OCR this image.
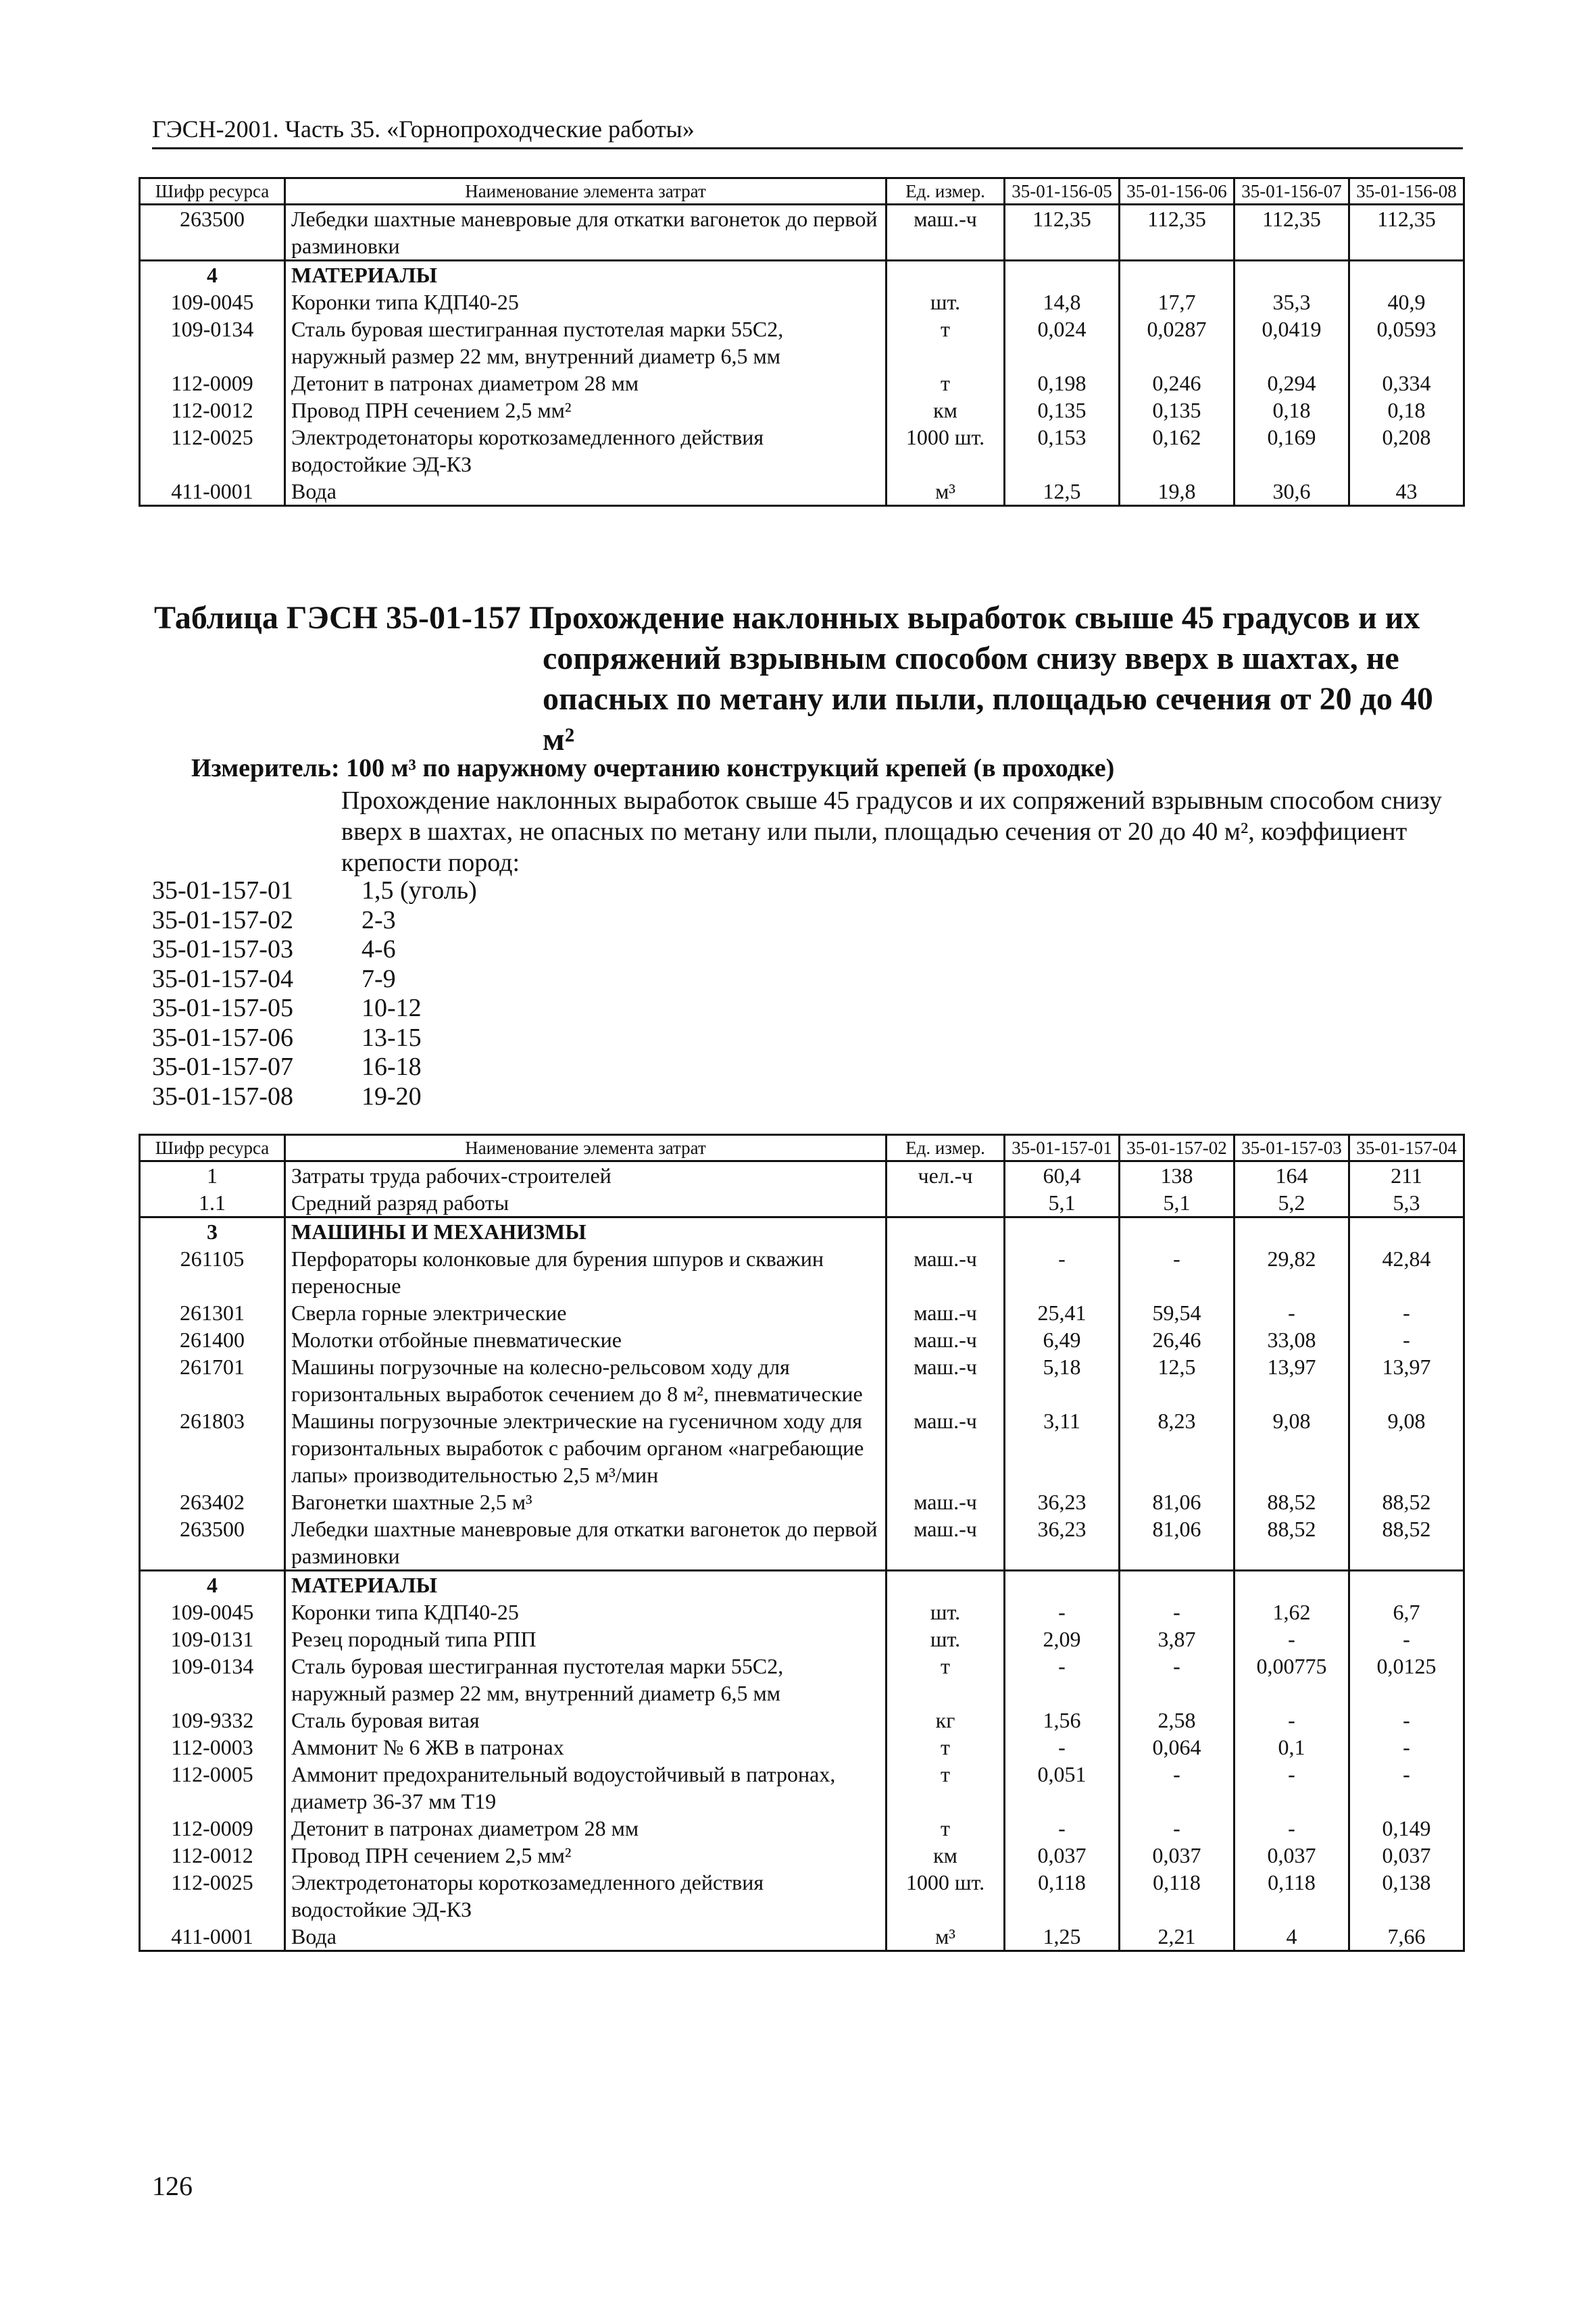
ГЭСН-2001. Часть 35. «Горнопроходческие работы»
Шифр ресурса	Наименование элемента затрат	Ед. измер.	35-01-156-05	35-01-156-06	35-01-156-07	35-01-156-08
263500	Лебедки шахтные маневровые для откатки вагонеток до первой разминовки	маш.-ч	112,35	112,35	112,35	112,35
4	МАТЕРИАЛЫ					
109-0045	Коронки типа КДП40-25	шт.	14,8	17,7	35,3	40,9
109-0134	Сталь буровая шестигранная пустотелая марки 55С2, наружный размер 22 мм, внутренний диаметр 6,5 мм	т	0,024	0,0287	0,0419	0,0593
112-0009	Детонит в патронах диаметром 28 мм	т	0,198	0,246	0,294	0,334
112-0012	Провод ПРН сечением 2,5 мм²	км	0,135	0,135	0,18	0,18
112-0025	Электродетонаторы короткозамедленного действия водостойкие ЭД-КЗ	1000 шт.	0,153	0,162	0,169	0,208
411-0001	Вода	м³	12,5	19,8	30,6	43
Таблица ГЭСН 35-01-157 Прохождение наклонных выработок свыше 45 градусов и их
сопряжений взрывным способом снизу вверх в шахтах, не
опасных по метану или пыли, площадью сечения от 20 до 40
м²
Измеритель: 100 м³ по наружному очертанию конструкций крепей (в проходке)
Прохождение наклонных выработок свыше 45 градусов и их сопряжений взрывным способом снизу вверх в шахтах, не опасных по метану или пыли, площадью сечения от 20 до 40 м², коэффициент крепости пород:
35-01-157-01	1,5 (уголь)
35-01-157-02	2-3
35-01-157-03	4-6
35-01-157-04	7-9
35-01-157-05	10-12
35-01-157-06	13-15
35-01-157-07	16-18
35-01-157-08	19-20
Шифр ресурса	Наименование элемента затрат	Ед. измер.	35-01-157-01	35-01-157-02	35-01-157-03	35-01-157-04
1	Затраты труда рабочих-строителей	чел.-ч	60,4	138	164	211
1.1	Средний разряд работы		5,1	5,1	5,2	5,3
3	МАШИНЫ И МЕХАНИЗМЫ					
261105	Перфораторы колонковые для бурения шпуров и скважин переносные	маш.-ч	-	-	29,82	42,84
261301	Сверла горные электрические	маш.-ч	25,41	59,54	-	-
261400	Молотки отбойные пневматические	маш.-ч	6,49	26,46	33,08	-
261701	Машины погрузочные на колесно-рельсовом ходу для горизонтальных выработок сечением до 8 м², пневматические	маш.-ч	5,18	12,5	13,97	13,97
261803	Машины погрузочные электрические на гусеничном ходу для горизонтальных выработок с рабочим органом «нагребающие лапы» производительностью 2,5 м³/мин	маш.-ч	3,11	8,23	9,08	9,08
263402	Вагонетки шахтные 2,5 м³	маш.-ч	36,23	81,06	88,52	88,52
263500	Лебедки шахтные маневровые для откатки вагонеток до первой разминовки	маш.-ч	36,23	81,06	88,52	88,52
4	МАТЕРИАЛЫ					
109-0045	Коронки типа КДП40-25	шт.	-	-	1,62	6,7
109-0131	Резец породный типа РПП	шт.	2,09	3,87	-	-
109-0134	Сталь буровая шестигранная пустотелая марки 55С2, наружный размер 22 мм, внутренний диаметр 6,5 мм	т	-	-	0,00775	0,0125
109-9332	Сталь буровая витая	кг	1,56	2,58	-	-
112-0003	Аммонит № 6 ЖВ в патронах	т	-	0,064	0,1	-
112-0005	Аммонит предохранительный водоустойчивый в патронах, диаметр 36-37 мм Т19	т	0,051	-	-	-
112-0009	Детонит в патронах диаметром 28 мм	т	-	-	-	0,149
112-0012	Провод ПРН сечением 2,5 мм²	км	0,037	0,037	0,037	0,037
112-0025	Электродетонаторы короткозамедленного действия водостойкие ЭД-КЗ	1000 шт.	0,118	0,118	0,118	0,138
411-0001	Вода	м³	1,25	2,21	4	7,66
126
